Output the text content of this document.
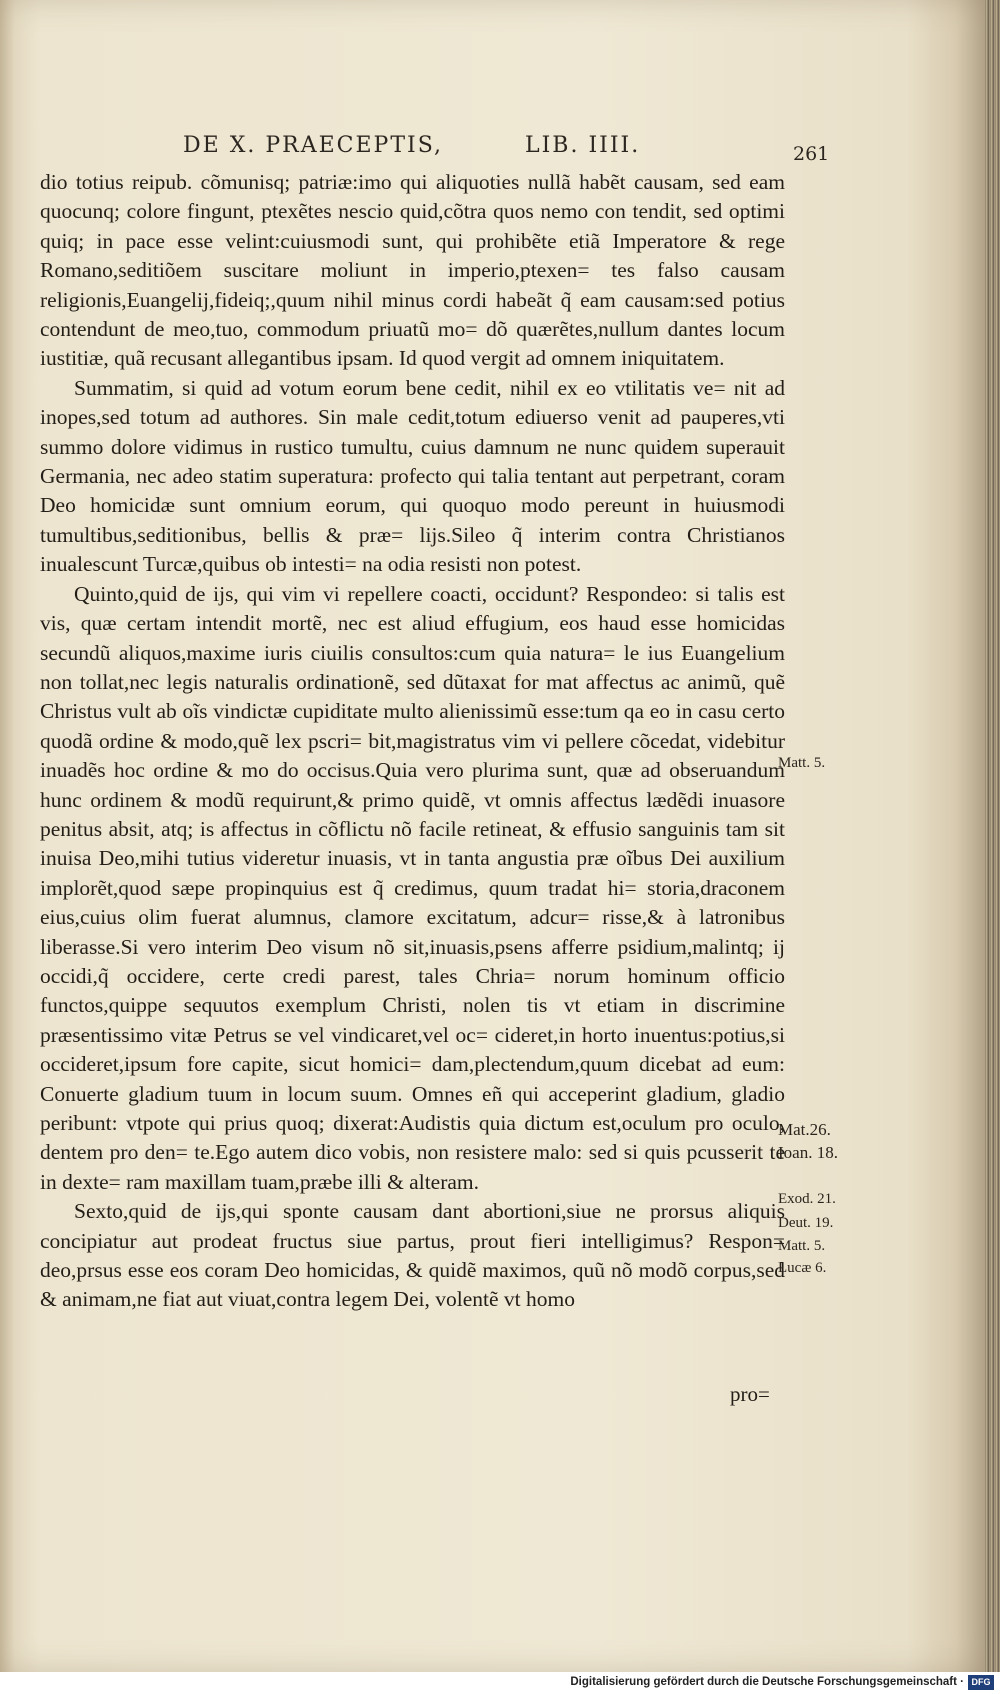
DE X. PRAECEPTIS,	LIB. IIII.	261

dio totius reipub. cõmunisq; patriæ:imo qui aliquoties nullã habẽt causam, sed eam quocunq; colore fingunt, ptexẽtes nescio quid,cõtra quos nemo con tendit, sed optimi quiq; in pace esse velint:cuiusmodi sunt, qui prohibẽte etiã Imperatore & rege Romano,seditiõem suscitare moliunt in imperio,ptexen= tes falso causam religionis,Euangelij,fideiq;,quum nihil minus cordi habeãt q̃ eam causam:sed potius contendunt de meo,tuo, commodum priuatũ mo= dõ quærẽtes,nullum dantes locum iustitiæ, quã recusant allegantibus ipsam. Id quod vergit ad omnem iniquitatem.

Summatim, si quid ad votum eorum bene cedit, nihil ex eo vtilitatis ve= nit ad inopes,sed totum ad authores. Sin male cedit,totum ediuerso venit ad pauperes,vti summo dolore vidimus in rustico tumultu, cuius damnum ne nunc quidem superauit Germania, nec adeo statim superatura: profecto qui talia tentant aut perpetrant, coram Deo homicidæ sunt omnium eorum, qui quoquo modo pereunt in huiusmodi tumultibus,seditionibus, bellis & præ= lijs.Sileo q̃ interim contra Christianos inualescunt Turcæ,quibus ob intesti= na odia resisti non potest.

Quinto,quid de ijs, qui vim vi repellere coacti, occidunt? Respondeo: si talis est vis, quæ certam intendit mortẽ, nec est aliud effugium, eos haud esse homicidas secundũ aliquos,maxime iuris ciuilis consultos:cum quia natura= le ius Euangelium non tollat,nec legis naturalis ordinationẽ, sed dũtaxat for mat affectus ac animũ, quẽ Christus vult ab oĩs vindictæ cupiditate multo alienissimũ esse:tum qa eo in casu certo quodã ordine & modo,quẽ lex pscri= bit,magistratus vim vi pellere cõcedat, videbitur inuadẽs hoc ordine & mo do occisus.Quia vero plurima sunt, quæ ad obseruandum hunc ordinem & modũ requirunt,& primo quidẽ, vt omnis affectus lædẽdi inuasore penitus absit, atq; is affectus in cõflictu nõ facile retineat, & effusio sanguinis tam sit inuisa Deo,mihi tutius videretur inuasis, vt in tanta angustia præ oĩbus Dei auxilium implorẽt,quod sæpe propinquius est q̃ credimus, quum tradat hi= storia,draconem eius,cuius olim fuerat alumnus, clamore excitatum, adcur= risse,& à latronibus liberasse.Si vero interim Deo visum nõ sit,inuasis,psens afferre psidium,malintq; ij occidi,q̃ occidere, certe credi parest, tales Chria= norum hominum officio functos,quippe sequutos exemplum Christi, nolen tis vt etiam in discrimine præsentissimo vitæ Petrus se vel vindicaret,vel oc= cideret,in horto inuentus:potius,si occideret,ipsum fore capite, sicut homici= dam,plectendum,quum dicebat ad eum: Conuerte gladium tuum in locum suum. Omnes eñ qui acceperint gladium, gladio peribunt: vtpote qui prius quoq; dixerat:Audistis quia dictum est,oculum pro oculo, dentem pro den= te.Ego autem dico vobis, non resistere malo: sed si quis pcusserit te in dexte= ram maxillam tuam,præbe illi & alteram.

Sexto,quid de ijs,qui sponte causam dant abortioni,siue ne prorsus aliquis concipiatur aut prodeat fructus siue partus, prout fieri intelligimus? Respon= deo,prsus esse eos coram Deo homicidas, & quidẽ maximos, quũ nõ modõ corpus,sed & animam,ne fiat aut viuat,contra legem Dei, volentẽ vt homo

pro=
Matt. 5.
Mat.26.
Ioan. 18.
Exod. 21.
Deut. 19.
Matt. 5.
Lucæ 6.
Digitalisierung gefördert durch die Deutsche Forschungsgemeinschaft · DFG
